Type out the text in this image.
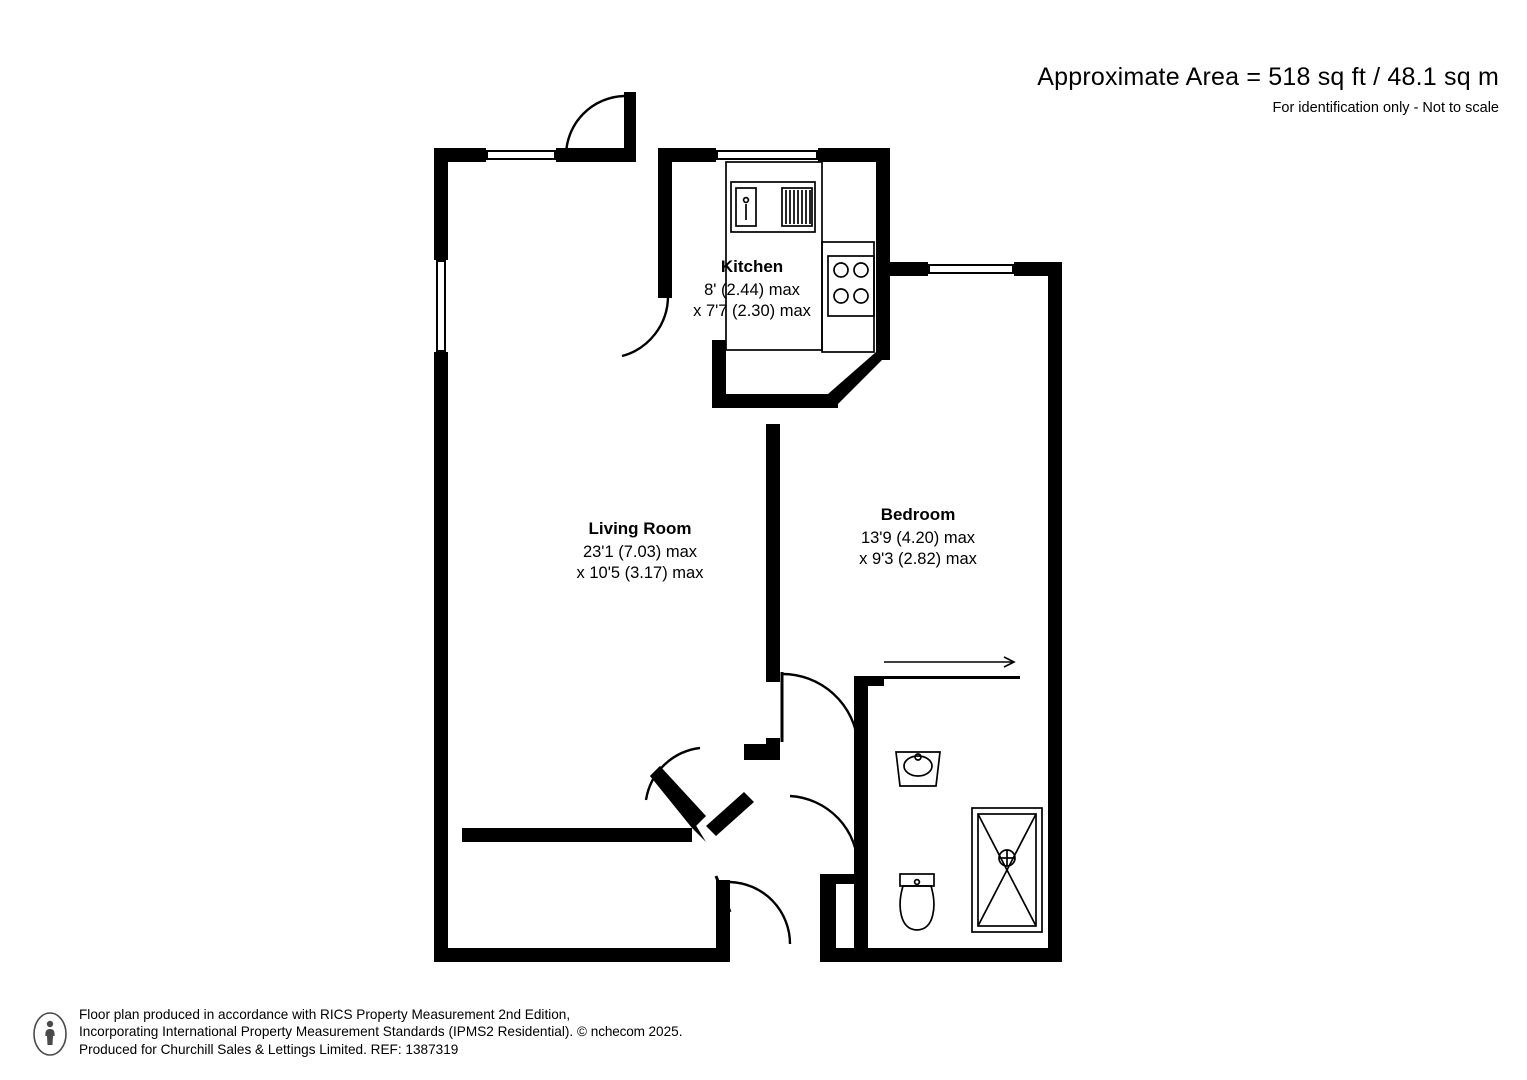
Approximate Area = 518 sq ft / 48.1 sq m
For identification only - Not to scale
Kitchen
8' (2.44) max
x 7'7 (2.30) max
Living Room
23'1 (7.03) max
x 10'5 (3.17) max
Bedroom
13'9 (4.20) max
x 9'3 (2.82) max
Floor plan produced in accordance with RICS Property Measurement 2nd Edition,
Incorporating International Property Measurement Standards (IPMS2 Residential). © nchecom 2025.
Produced for Churchill Sales & Lettings Limited. REF: 1387319
